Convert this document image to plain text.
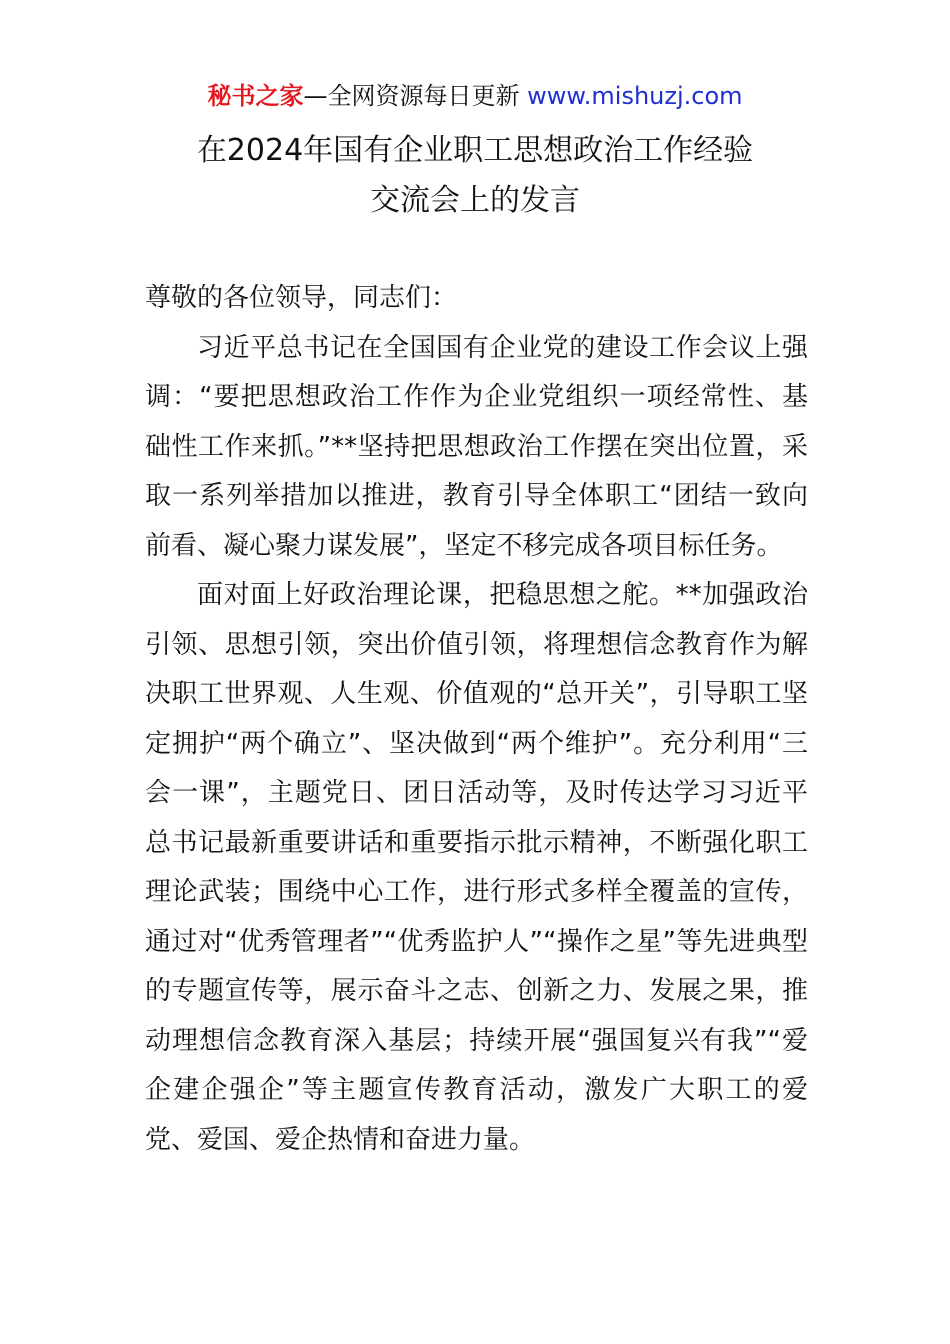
秘书之家—全网资源每日更新 www.mishuzj.com
在2024年国有企业职工思想政治工作经验
交流会上的发言

尊敬的各位领导，同志们：

习近平总书记在全国国有企业党的建设工作会议上强调：“要把思想政治工作作为企业党组织一项经常性、基础性工作来抓。”**坚持把思想政治工作摆在突出位置，采取一系列举措加以推进，教育引导全体职工“团结一致向前看、凝心聚力谋发展”，坚定不移完成各项目标任务。

面对面上好政治理论课，把稳思想之舵。**加强政治引领、思想引领，突出价值引领，将理想信念教育作为解决职工世界观、人生观、价值观的“总开关”，引导职工坚定拥护“两个确立”、坚决做到“两个维护”。充分利用“三会一课”，主题党日、团日活动等，及时传达学习习近平总书记最新重要讲话和重要指示批示精神，不断强化职工理论武装；围绕中心工作，进行形式多样全覆盖的宣传，通过对“优秀管理者”“优秀监护人”“操作之星”等先进典型的专题宣传等，展示奋斗之志、创新之力、发展之果，推动理想信念教育深入基层；持续开展“强国复兴有我”“爱企建企强企”等主题宣传教育活动，激发广大职工的爱党、爱国、爱企热情和奋进力量。
